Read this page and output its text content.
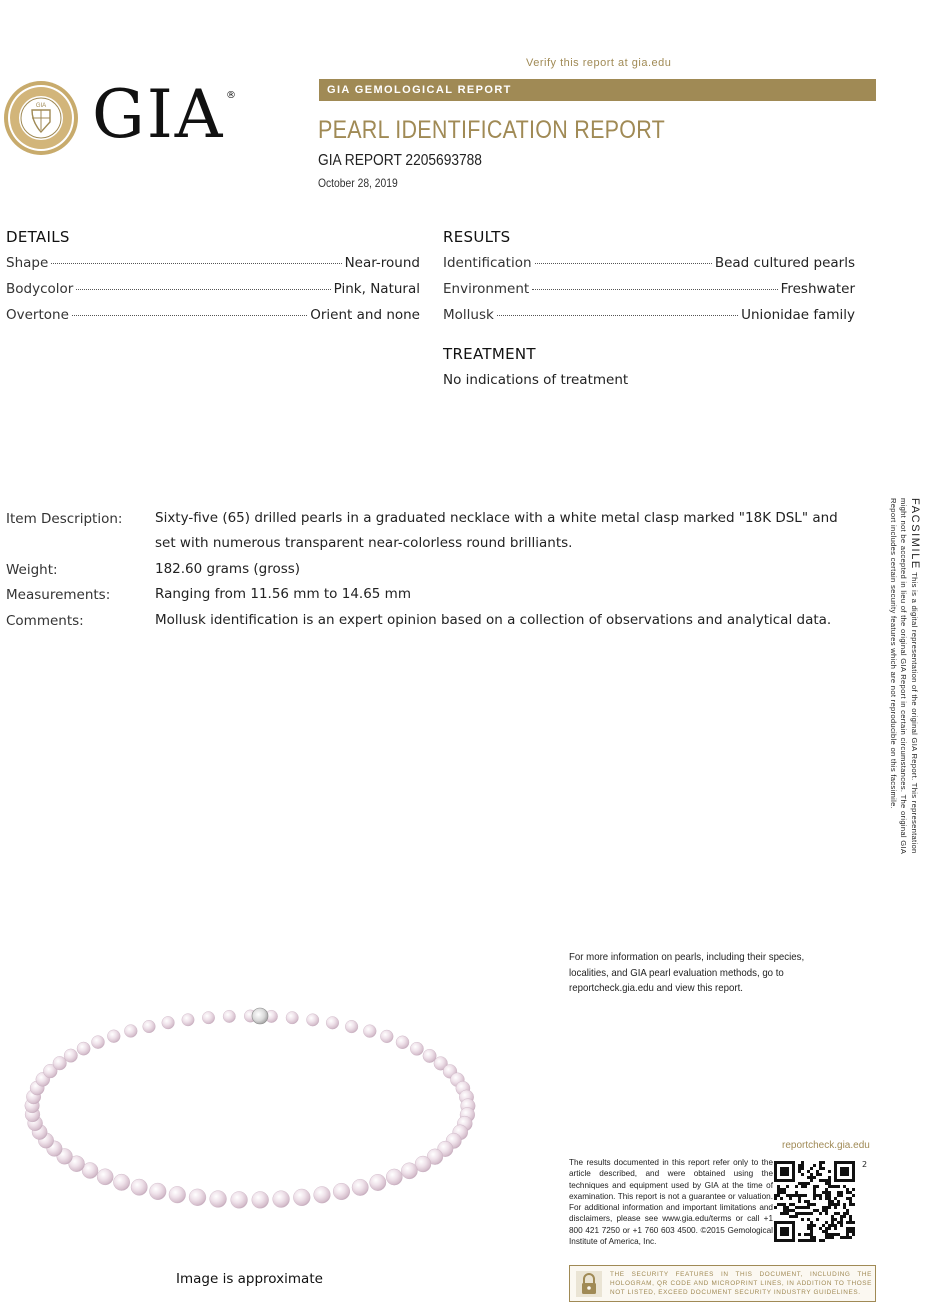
Verify this report at gia.edu
GIA GEMOLOGICAL REPORT
PEARL IDENTIFICATION REPORT
GIA REPORT 2205693788
October 28, 2019
GIA GIA ®
DETAILS
Shape	Near-round
Bodycolor	Pink, Natural
Overtone	Orient and none
RESULTS
Identification	Bead cultured pearls
Environment	Freshwater
Mollusk	Unionidae family
TREATMENT
No indications of treatment
Item Description: Sixty-five (65) drilled pearls in a graduated necklace with a white metal clasp marked "18K DSL" and set with numerous transparent near-colorless round brilliants.
Weight:	182.60 grams (gross)
Measurements:	Ranging from 11.56 mm to 14.65 mm
Comments:	Mollusk identification is an expert opinion based on a collection of observations and analytical data.
FACSIMILE This is a digital representation of the original GIA Report. This representation might not be accepted in lieu of the original GIA Report in certain circumstances. The original GIA Report includes certain security features which are not reproducible on this facsimile.
Image is approximate
For more information on pearls, including their species, localities, and GIA pearl evaluation methods, go to reportcheck.gia.edu and view this report.
reportcheck.gia.edu
The results documented in this report refer only to the article described, and were obtained using the techniques and equipment used by GIA at the time of examination. This report is not a guarantee or valuation. For additional information and important limitations and disclaimers, please see www.gia.edu/terms or call +1 800 421 7250 or +1 760 603 4500. ©2015 Gemological Institute of America, Inc.
2
THE SECURITY FEATURES IN THIS DOCUMENT, INCLUDING THE HOLOGRAM, QR CODE AND MICROPRINT LINES, IN ADDITION TO THOSE NOT LISTED, EXCEED DOCUMENT SECURITY INDUSTRY GUIDELINES.
